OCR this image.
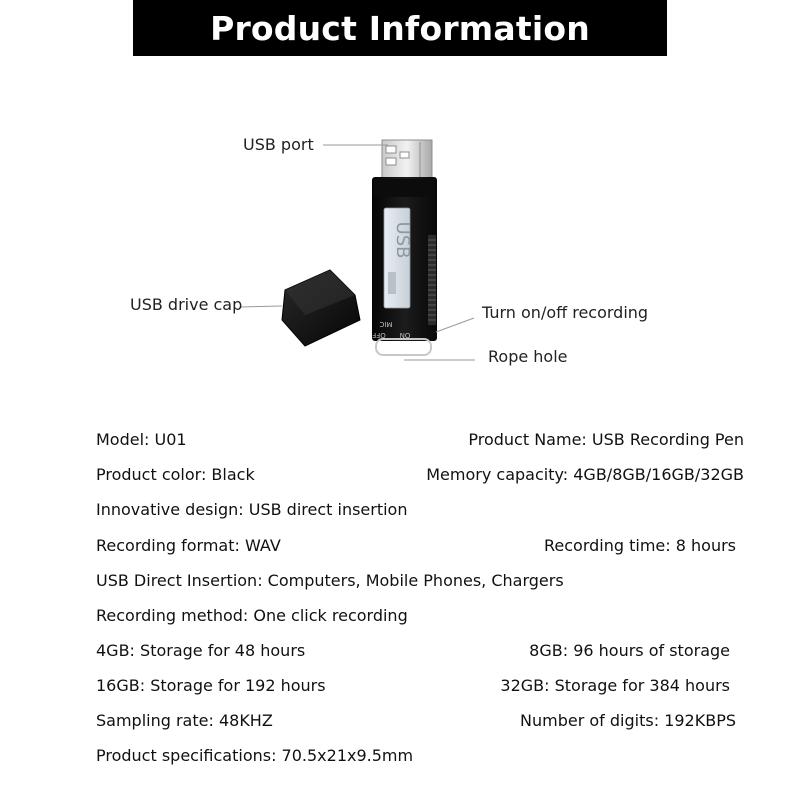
Product Information
USB
MIC
OFF ON
USB port
USB drive cap	Turn on/off recording
Rope hole
Model: U01	Product Name: USB Recording Pen
Product color: Black	Memory capacity: 4GB/8GB/16GB/32GB
Innovative design: USB direct insertion
Recording format: WAV	Recording time: 8 hours
USB Direct Insertion: Computers, Mobile Phones, Chargers
Recording method: One click recording
4GB: Storage for 48 hours	8GB: 96 hours of storage
16GB: Storage for 192 hours	32GB: Storage for 384 hours
Sampling rate: 48KHZ	Number of digits: 192KBPS
Product specifications: 70.5x21x9.5mm
